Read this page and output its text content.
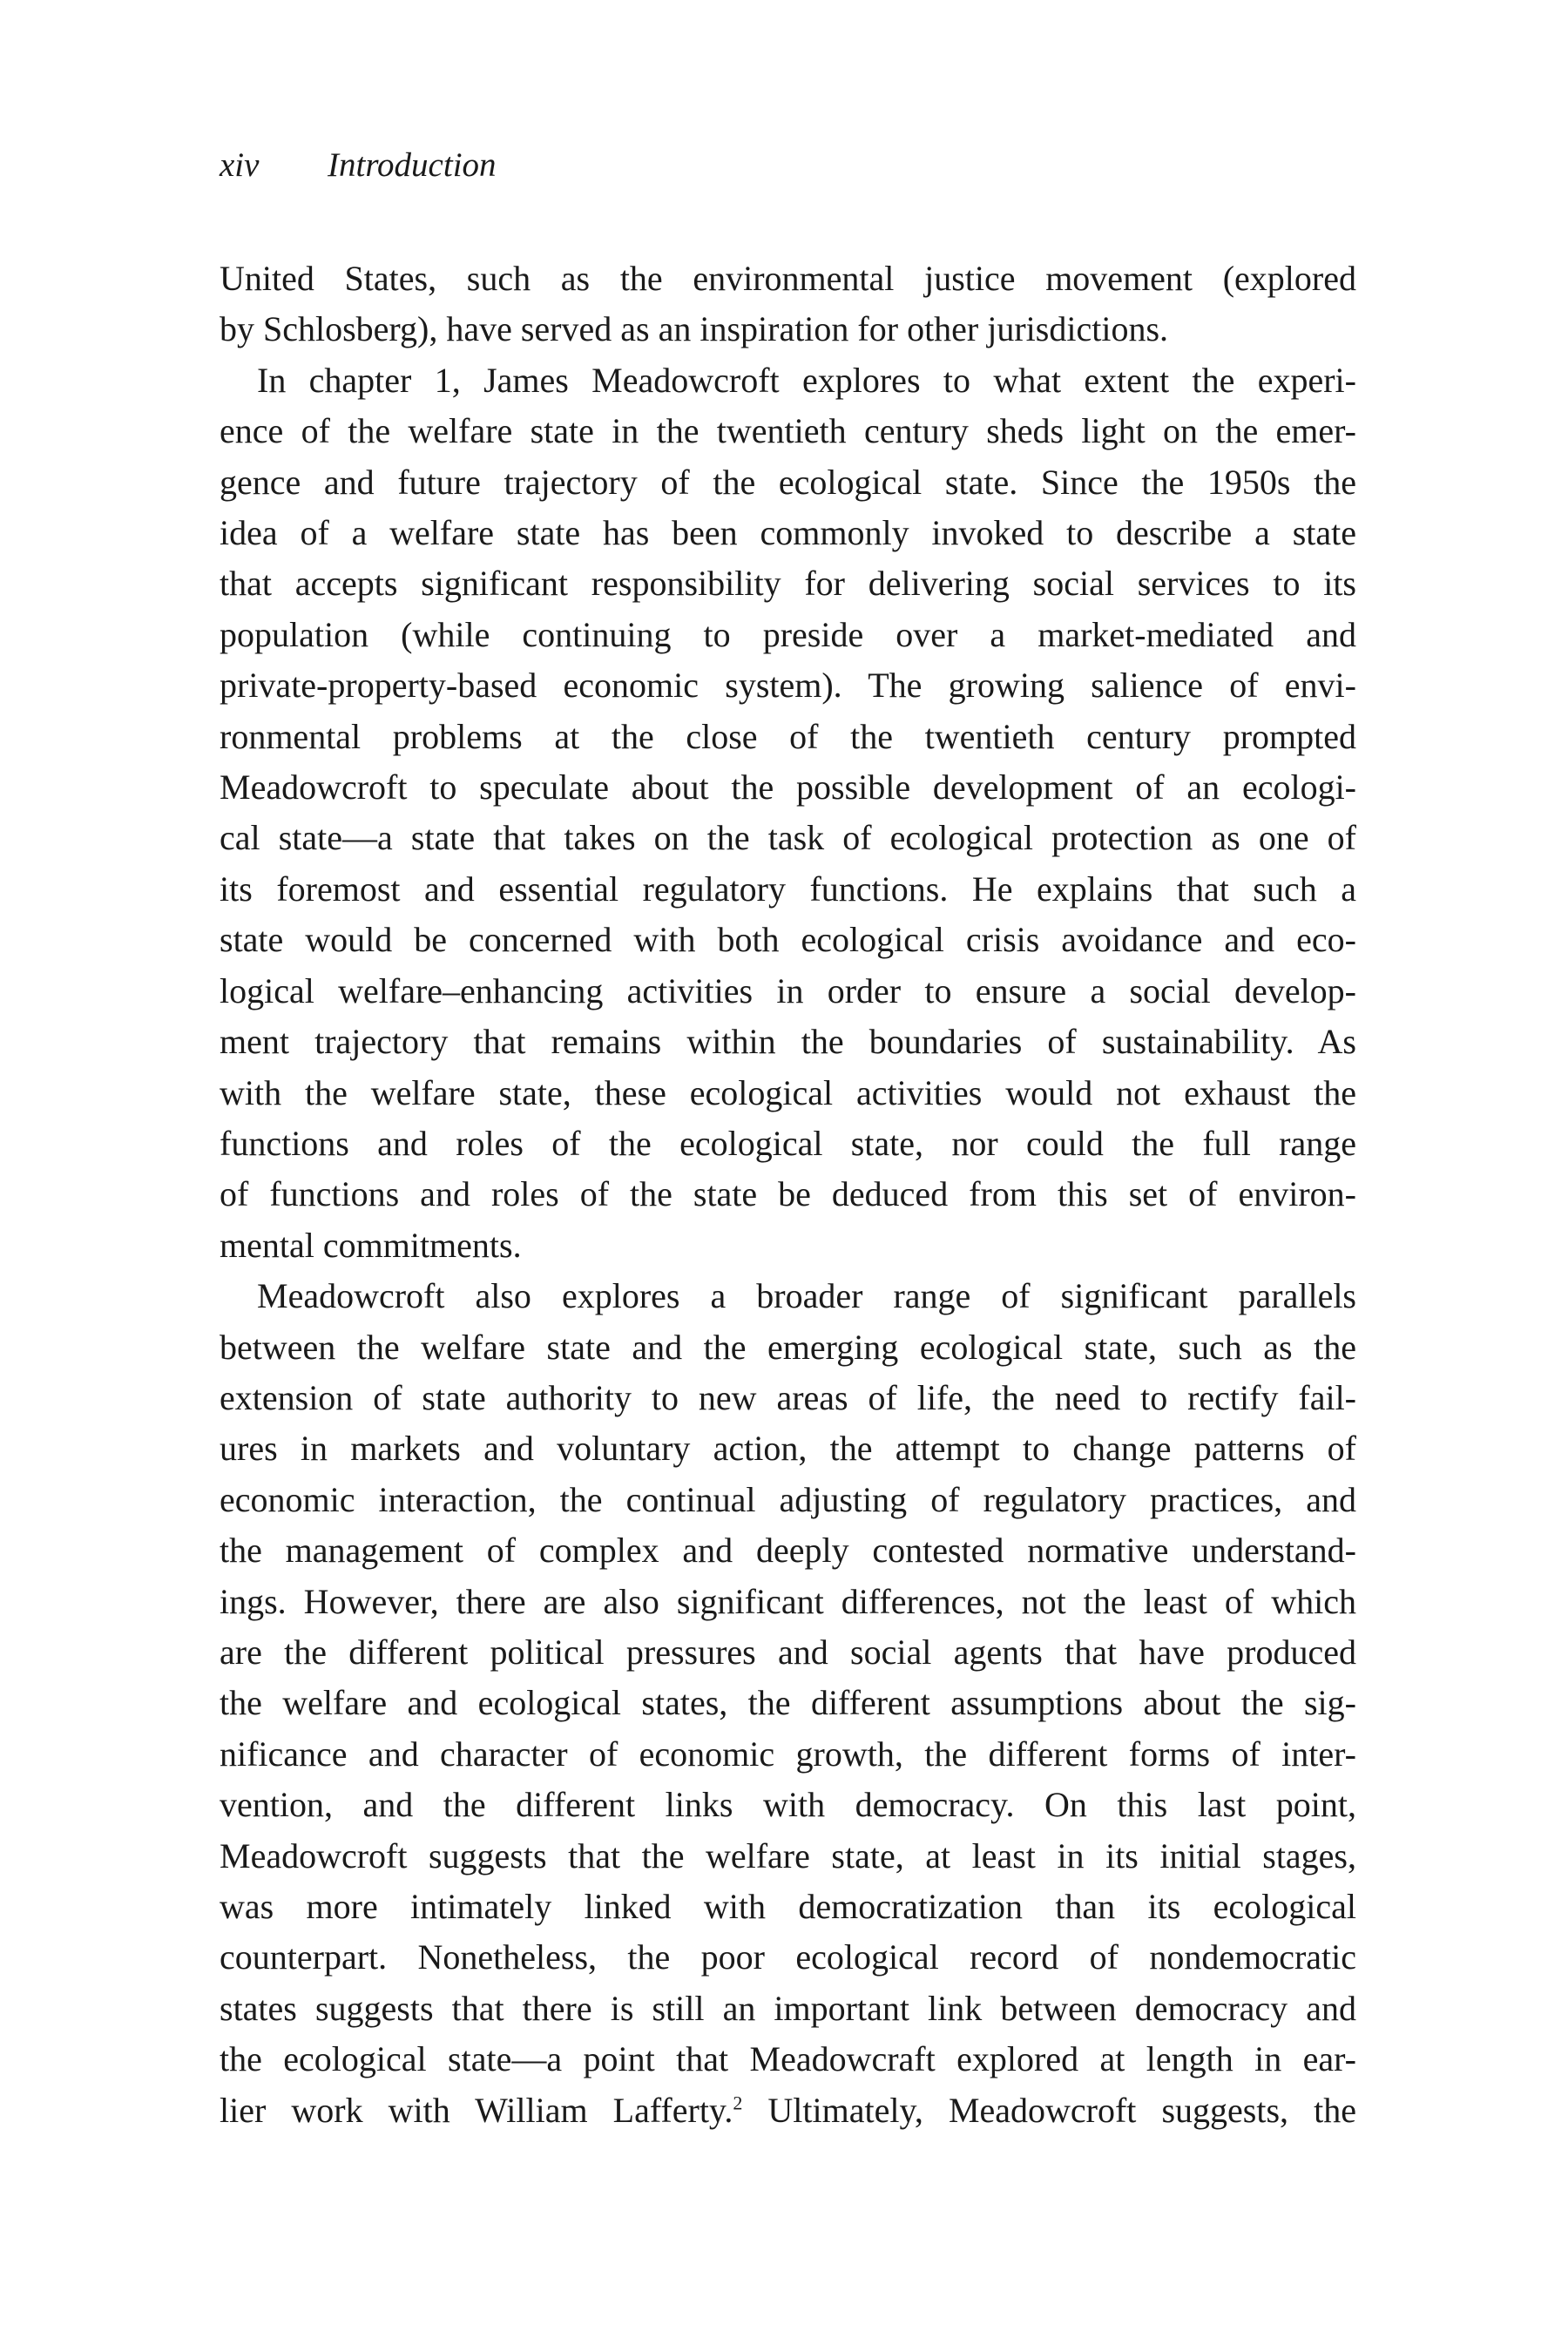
xiv Introduction

United States, such as the environmental justice movement (explored
by Schlosberg), have served as an inspiration for other jurisdictions.

In chapter 1, James Meadowcroft explores to what extent the experi-
ence of the welfare state in the twentieth century sheds light on the emer-
gence and future trajectory of the ecological state. Since the 1950s the
idea of a welfare state has been commonly invoked to describe a state
that accepts significant responsibility for delivering social services to its
population (while continuing to preside over a market-mediated and
private-property-based economic system). The growing salience of envi-
ronmental problems at the close of the twentieth century prompted
Meadowcroft to speculate about the possible development of an ecologi-
cal state—a state that takes on the task of ecological protection as one of
its foremost and essential regulatory functions. He explains that such a
state would be concerned with both ecological crisis avoidance and eco-
logical welfare–enhancing activities in order to ensure a social develop-
ment trajectory that remains within the boundaries of sustainability. As
with the welfare state, these ecological activities would not exhaust the
functions and roles of the ecological state, nor could the full range
of functions and roles of the state be deduced from this set of environ-
mental commitments.

Meadowcroft also explores a broader range of significant parallels
between the welfare state and the emerging ecological state, such as the
extension of state authority to new areas of life, the need to rectify fail-
ures in markets and voluntary action, the attempt to change patterns of
economic interaction, the continual adjusting of regulatory practices, and
the management of complex and deeply contested normative understand-
ings. However, there are also significant differences, not the least of which
are the different political pressures and social agents that have produced
the welfare and ecological states, the different assumptions about the sig-
nificance and character of economic growth, the different forms of inter-
vention, and the different links with democracy. On this last point,
Meadowcroft suggests that the welfare state, at least in its initial stages,
was more intimately linked with democratization than its ecological
counterpart. Nonetheless, the poor ecological record of nondemocratic
states suggests that there is still an important link between democracy and
the ecological state—a point that Meadowcraft explored at length in ear-
lier work with William Lafferty.$^2$ Ultimately, Meadowcroft suggests, the
